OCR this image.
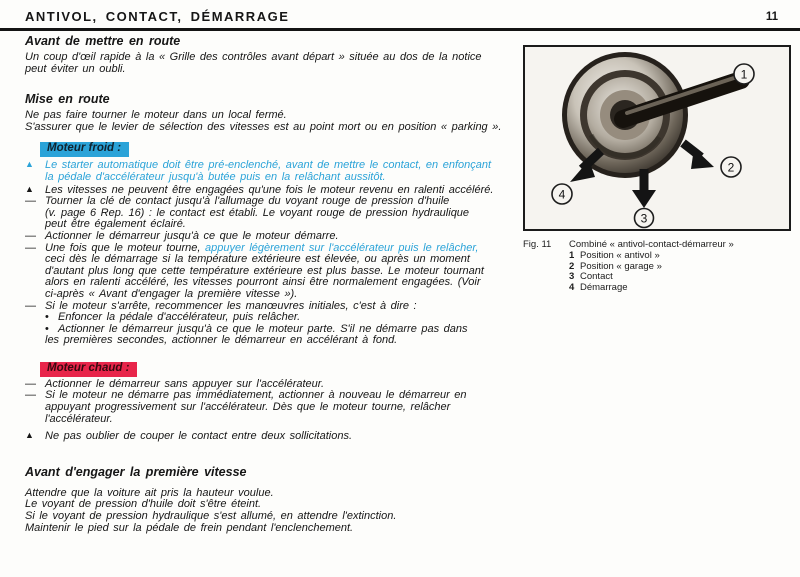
ANTIVOL, CONTACT, DÉMARRAGE	11
Avant de mettre en route
Un coup d'œil rapide à la « Grille des contrôles avant départ » située au dos de la notice
peut éviter un oubli.
Mise en route
Ne pas faire tourner le moteur dans un local fermé.
S'assurer que le levier de sélection des vitesses est au point mort ou en position « parking ».
Moteur froid :
▲ Le starter automatique doit être pré-enclenché, avant de mettre le contact, en enfonçant
la pédale d'accélérateur jusqu'à butée puis en la relâchant aussitôt.
▲ Les vitesses ne peuvent être engagées qu'une fois le moteur revenu en ralenti accéléré.
— Tourner la clé de contact jusqu'à l'allumage du voyant rouge de pression d'huile
(v. page 6 Rep. 16) : le contact est établi. Le voyant rouge de pression hydraulique
peut être également éclairé.
— Actionner le démarreur jusqu'à ce que le moteur démarre.
— Une fois que le moteur tourne, appuyer légèrement sur l'accélérateur puis le relâcher,
ceci dès le démarrage si la température extérieure est élevée, ou après un moment
d'autant plus long que cette température extérieure est plus basse. Le moteur tournant
alors en ralenti accéléré, les vitesses pourront ainsi être normalement engagées. (Voir
ci-après « Avant d'engager la première vitesse »).
— Si le moteur s'arrête, recommencer les manœuvres initiales, c'est à dire :
• Enfoncer la pédale d'accélérateur, puis relâcher.
• Actionner le démarreur jusqu'à ce que le moteur parte. S'il ne démarre pas dans
les premières secondes, actionner le démarreur en accélérant à fond.
Moteur chaud :
— Actionner le démarreur sans appuyer sur l'accélérateur.
— Si le moteur ne démarre pas immédiatement, actionner à nouveau le démarreur en
appuyant progressivement sur l'accélérateur. Dès que le moteur tourne, relâcher
l'accélérateur.
▲ Ne pas oublier de couper le contact entre deux sollicitations.
Avant d'engager la première vitesse
Attendre que la voiture ait pris la hauteur voulue.
Le voyant de pression d'huile doit s'être éteint.
Si le voyant de pression hydraulique s'est allumé, en attendre l'extinction.
Maintenir le pied sur la pédale de frein pendant l'enclenchement.
1
2
3
4
Fig. 11	Combiné « antivol-contact-démarreur »
1 Position « antivol »
2 Position « garage »
3 Contact
4 Démarrage
